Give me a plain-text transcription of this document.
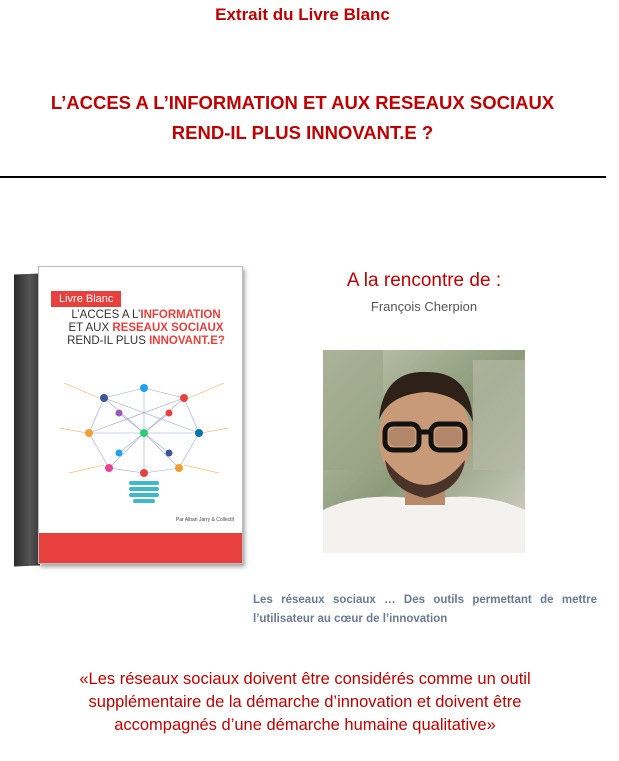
Extrait du Livre Blanc
L’ACCES A L’INFORMATION ET AUX RESEAUX SOCIAUX
REND-IL PLUS INNOVANT.E ?
Livre Blanc
L’ACCES A L’INFORMATION
ET AUX RESEAUX SOCIAUX
REND-IL PLUS INNOVANT.E?
Par Alban Jarry & Collectif
A la rencontre de :
François Cherpion
Les réseaux sociaux … Des outils permettant de mettre l’utilisateur au cœur de l’innovation
«Les réseaux sociaux doivent être considérés comme un outil
supplémentaire de la démarche d’innovation et doivent être
accompagnés d’une démarche humaine qualitative»
